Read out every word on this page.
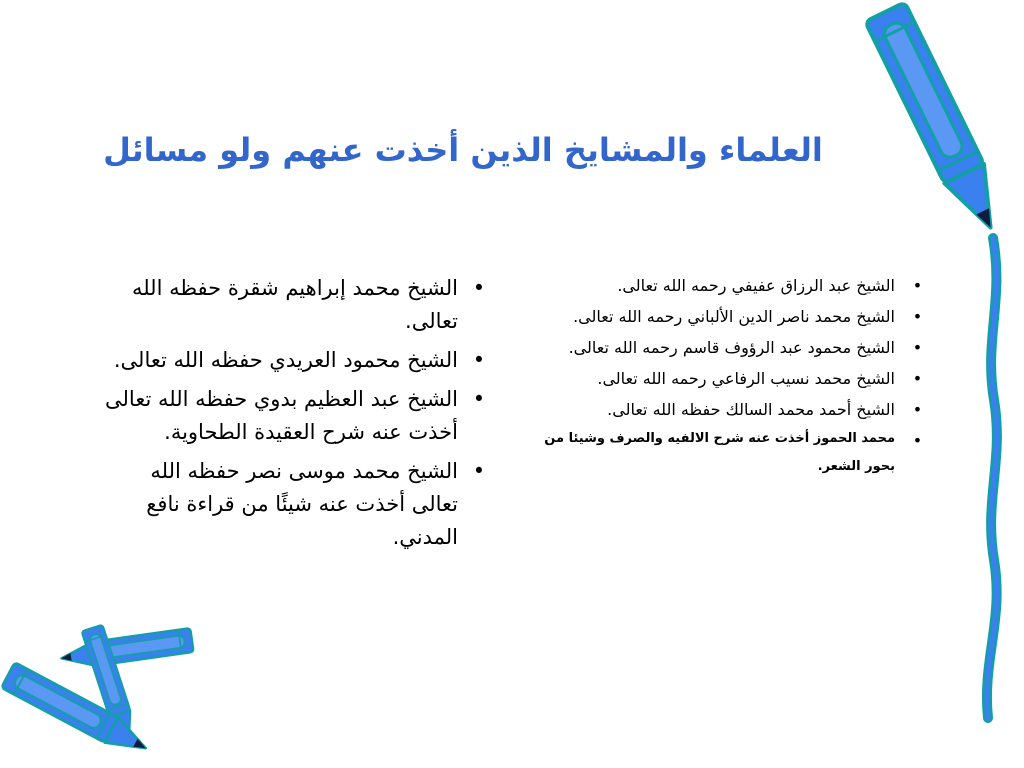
العلماء والمشايخ الذين أخذت عنهم ولو مسائل
•
الشيخ عبد الرزاق عفيفي رحمه الله تعالى.
•
الشيخ محمد ناصر الدين الألباني رحمه الله تعالى.
•
الشيخ محمود عبد الرؤوف قاسم رحمه الله تعالى.
•
الشيخ محمد نسيب الرفاعي رحمه الله تعالى.
•
الشيخ أحمد محمد السالك حفظه الله تعالى.
•
محمد الحموز أخذت عنه شرح الالفيه والصرف وشيئا من بحور الشعر.
•
الشيخ محمد إبراهيم شقرة حفظه الله تعالى.
•
الشيخ محمود العريدي حفظه الله تعالى.
•
الشيخ عبد العظيم بدوي حفظه الله تعالى أخذت عنه شرح العقيدة الطحاوية.
•
الشيخ محمد موسى نصر حفظه الله تعالى أخذت عنه شيئًا من قراءة نافع المدني.
